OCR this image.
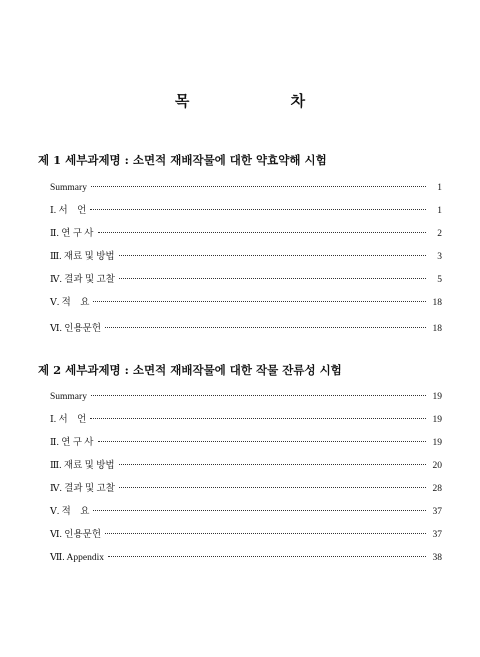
목 차
제 1 세부과제명 : 소면적 재배작물에 대한 약효약해 시험
Summary	1
Ⅰ. 서    언	1
Ⅱ. 연 구 사	2
Ⅲ. 재료 및 방법	3
Ⅳ. 결과 및 고찰	5
Ⅴ. 적    요	18
Ⅵ. 인용문헌	18
제 2 세부과제명 : 소면적 재배작물에 대한 작물 잔류성 시험
Summary	19
Ⅰ. 서    언	19
Ⅱ. 연 구 사	19
Ⅲ. 재료 및 방법	20
Ⅳ. 결과 및 고찰	28
Ⅴ. 적    요	37
Ⅵ. 인용문헌	37
Ⅶ. Appendix	38
